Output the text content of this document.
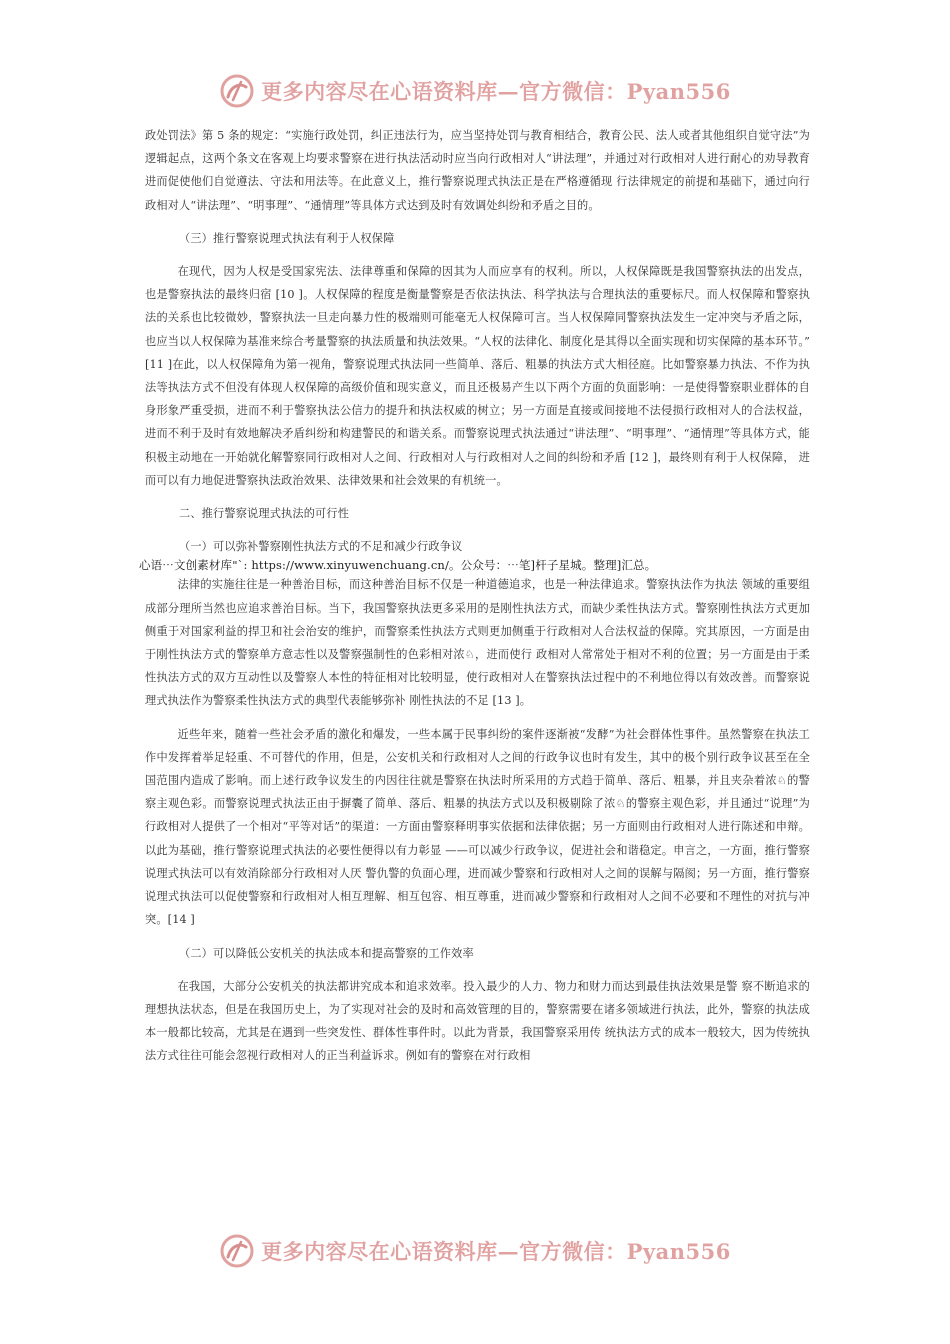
更多内容尽在心语资料库—官方微信：Pyan556

政处罚法》第 5 条的规定：“实施行政处罚，纠正违法行为，应当坚持处罚与教育相结合，教育公民、法人或者其他组织自觉守法”为逻辑起点，这两个条文在客观上均要求警察在进行执法活动时应当向行政相对人“讲法理”，并通过对行政相对人进行耐心的劝导教育进而促使他们自觉遵法、守法和用法等。在此意义上，推行警察说理式执法正是在严格遵循现 行法律规定的前提和基础下，通过向行政相对人“讲法理”、“明事理”、“通情理”等具体方式达到及时有效调处纠纷和矛盾之目的。

（三）推行警察说理式执法有利于人权保障

在现代，因为人权是受国家宪法、法律尊重和保障的因其为人而应享有的权利。所以，人权保障既是我国警察执法的出发点，也是警察执法的最终归宿 [10 ]。人权保障的程度是衡量警察是否依法执法、科学执法与合理执法的重要标尺。而人权保障和警察执法的关系也比较微妙，警察执法一旦走向暴力性的极端则可能毫无人权保障可言。当人权保障同警察执法发生一定冲突与矛盾之际，也应当以人权保障为基准来综合考量警察的执法质量和执法效果。“人权的法律化、制度化是其得以全面实现和切实保障的基本环节。” [11 ]在此，以人权保障角为第一视角，警察说理式执法同一些简单、落后、粗暴的执法方式大相径庭。比如警察暴力执法、不作为执法等执法方式不但没有体现人权保障的高级价值和现实意义，而且还极易产生以下两个方面的负面影响：一是使得警察职业群体的自身形象严重受损，进而不利于警察执法公信力的提升和执法权威的树立；另一方面是直接或间接地不法侵损行政相对人的合法权益，进而不利于及时有效地解决矛盾纠纷和构建警民的和谐关系。而警察说理式执法通过“讲法理”、“明事理”、“通情理”等具体方式，能积极主动地在一开始就化解警察同行政相对人之间、行政相对人与行政相对人之间的纠纷和矛盾 [12 ]，最终则有利于人权保障， 进而可以有力地促进警察执法政治效果、法律效果和社会效果的有机统一。

二、推行警察说理式执法的可行性

（一）可以弥补警察刚性执法方式的不足和减少行政争议

心语⋯文创素材库"`: https://www.xinyuwenchuang.cn/。公众号：⋯笔]杆子星城。整理]汇总。

法律的实施往往是一种善治目标，而这种善治目标不仅是一种道德追求，也是一种法律追求。警察执法作为执法 领域的重要组成部分理所当然也应追求善治目标。当下，我国警察执法更多采用的是刚性执法方式，而缺少柔性执法方式。警察刚性执法方式更加侧重于对国家利益的捍卫和社会治安的维护，而警察柔性执法方式则更加侧重于行政相对人合法权益的保障。究其原因，一方面是由于刚性执法方式的警察单方意志性以及警察强制性的色彩相对浓♘，进而使行 政相对人常常处于相对不利的位置；另一方面是由于柔性执法方式的双方互动性以及警察人本性的特征相对比较明显，使行政相对人在警察执法过程中的不利地位得以有效改善。而警察说理式执法作为警察柔性执法方式的典型代表能够弥补 刚性执法的不足 [13 ]。

近些年来，随着一些社会矛盾的激化和爆发，一些本属于民事纠纷的案件逐渐被“发酵”为社会群体性事件。虽然警察在执法工作中发挥着举足轻重、不可替代的作用，但是，公安机关和行政相对人之间的行政争议也时有发生，其中的极个别行政争议甚至在全国范围内造成了影响。而上述行政争议发生的内因往往就是警察在执法时所采用的方式趋于简单、落后、粗暴，并且夹杂着浓♘的警察主观色彩。而警察说理式执法正由于摒囊了简单、落后、粗暴的执法方式以及积极剔除了浓♘的警察主观色彩，并且通过“说理”为行政相对人提供了一个相对“平等对话”的渠道：一方面由警察释明事实依据和法律依据；另一方面则由行政相对人进行陈述和申辩。以此为基础，推行警察说理式执法的必要性便得以有力彰显 ——可以减少行政争议，促进社会和谐稳定。申言之，一方面，推行警察说理式执法可以有效消除部分行政相对人厌 警仇警的负面心理，进而减少警察和行政相对人之间的误解与隔阂；另一方面，推行警察说理式执法可以促使警察和行政相对人相互理解、相互包容、相互尊重，进而减少警察和行政相对人之间不必要和不理性的对抗与冲突。[14 ]

（二）可以降低公安机关的执法成本和提高警察的工作效率

在我国，大部分公安机关的执法都讲究成本和追求效率。投入最少的人力、物力和财力而达到最佳执法效果是警 察不断追求的理想执法状态，但是在我国历史上，为了实现对社会的及时和高效管理的目的，警察需要在诸多领域进行执法，此外，警察的执法成本一般都比较高，尤其是在遇到一些突发性、群体性事件时。以此为背景，我国警察采用传 统执法方式的成本一般较大，因为传统执法方式往往可能会忽视行政相对人的正当利益诉求。例如有的警察在对行政相

更多内容尽在心语资料库—官方微信：Pyan556
